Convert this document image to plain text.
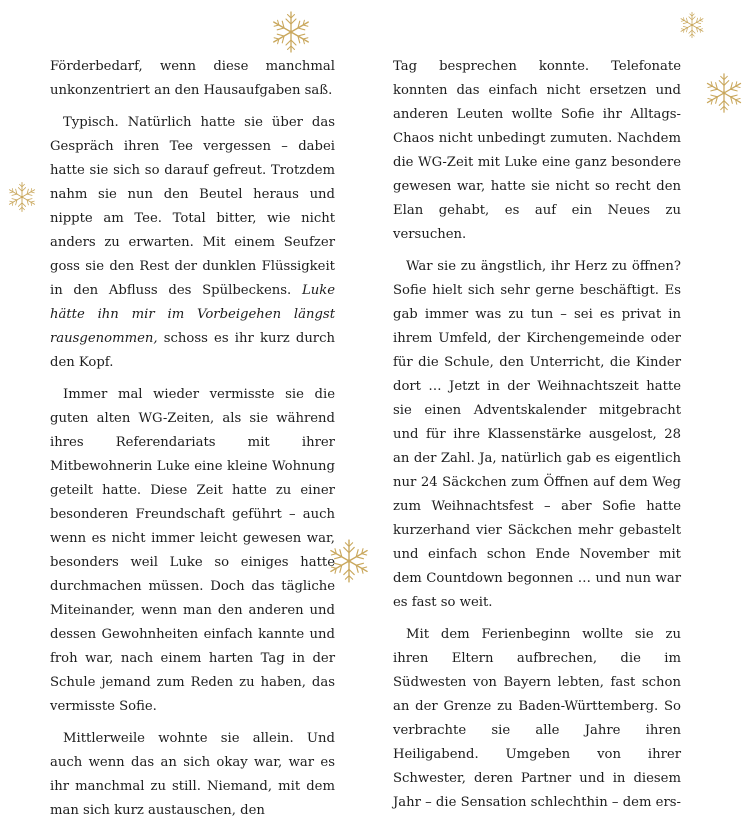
Förderbedarf, wenn diese manchmal unkonzentriert an den Hausaufgaben saß.

Typisch. Natürlich hatte sie über das Gespräch ihren Tee vergessen – dabei hatte sie sich so darauf gefreut. Trotzdem nahm sie nun den Beutel heraus und nippte am Tee. Total bitter, wie nicht anders zu erwarten. Mit einem Seufzer goss sie den Rest der dunklen Flüssigkeit in den Abfluss des Spülbeckens. Luke hätte ihn mir im Vorbeigehen längst rausgenommen, schoss es ihr kurz durch den Kopf.

Immer mal wieder vermisste sie die guten alten WG-Zeiten, als sie während ihres Referendariats mit ihrer Mitbewohnerin Luke eine kleine Wohnung geteilt hatte. Diese Zeit hatte zu einer besonderen Freundschaft geführt – auch wenn es nicht immer leicht gewesen war, besonders weil Luke so einiges hatte durchmachen müssen. Doch das tägliche Miteinander, wenn man den anderen und dessen Gewohnheiten einfach kannte und froh war, nach einem harten Tag in der Schule jemand zum Reden zu haben, das vermisste Sofie.

Mittlerweile wohnte sie allein. Und auch wenn das an sich okay war, war es ihr manchmal zu still. Niemand, mit dem man sich kurz austauschen, den

Tag besprechen konnte. Telefonate konnten das einfach nicht ersetzen und anderen Leuten wollte Sofie ihr Alltags-Chaos nicht unbedingt zumuten. Nachdem die WG-Zeit mit Luke eine ganz besondere gewesen war, hatte sie nicht so recht den Elan gehabt, es auf ein Neues zu versuchen.

War sie zu ängstlich, ihr Herz zu öffnen? Sofie hielt sich sehr gerne beschäftigt. Es gab immer was zu tun – sei es privat in ihrem Umfeld, der Kirchengemeinde oder für die Schule, den Unterricht, die Kinder dort … Jetzt in der Weihnachtszeit hatte sie einen Adventskalender mitgebracht und für ihre Klassenstärke ausgelost, 28 an der Zahl. Ja, natürlich gab es eigentlich nur 24 Säckchen zum Öffnen auf dem Weg zum Weihnachtsfest – aber Sofie hatte kurzerhand vier Säckchen mehr gebastelt und einfach schon Ende November mit dem Countdown begonnen … und nun war es fast so weit.

Mit dem Ferienbeginn wollte sie zu ihren Eltern aufbrechen, die im Südwesten von Bayern lebten, fast schon an der Grenze zu Baden-Württemberg. So verbrachte sie alle Jahre ihren Heiligabend. Umgeben von ihrer Schwester, deren Partner und in diesem Jahr – die Sensation schlechthin – dem ers-
